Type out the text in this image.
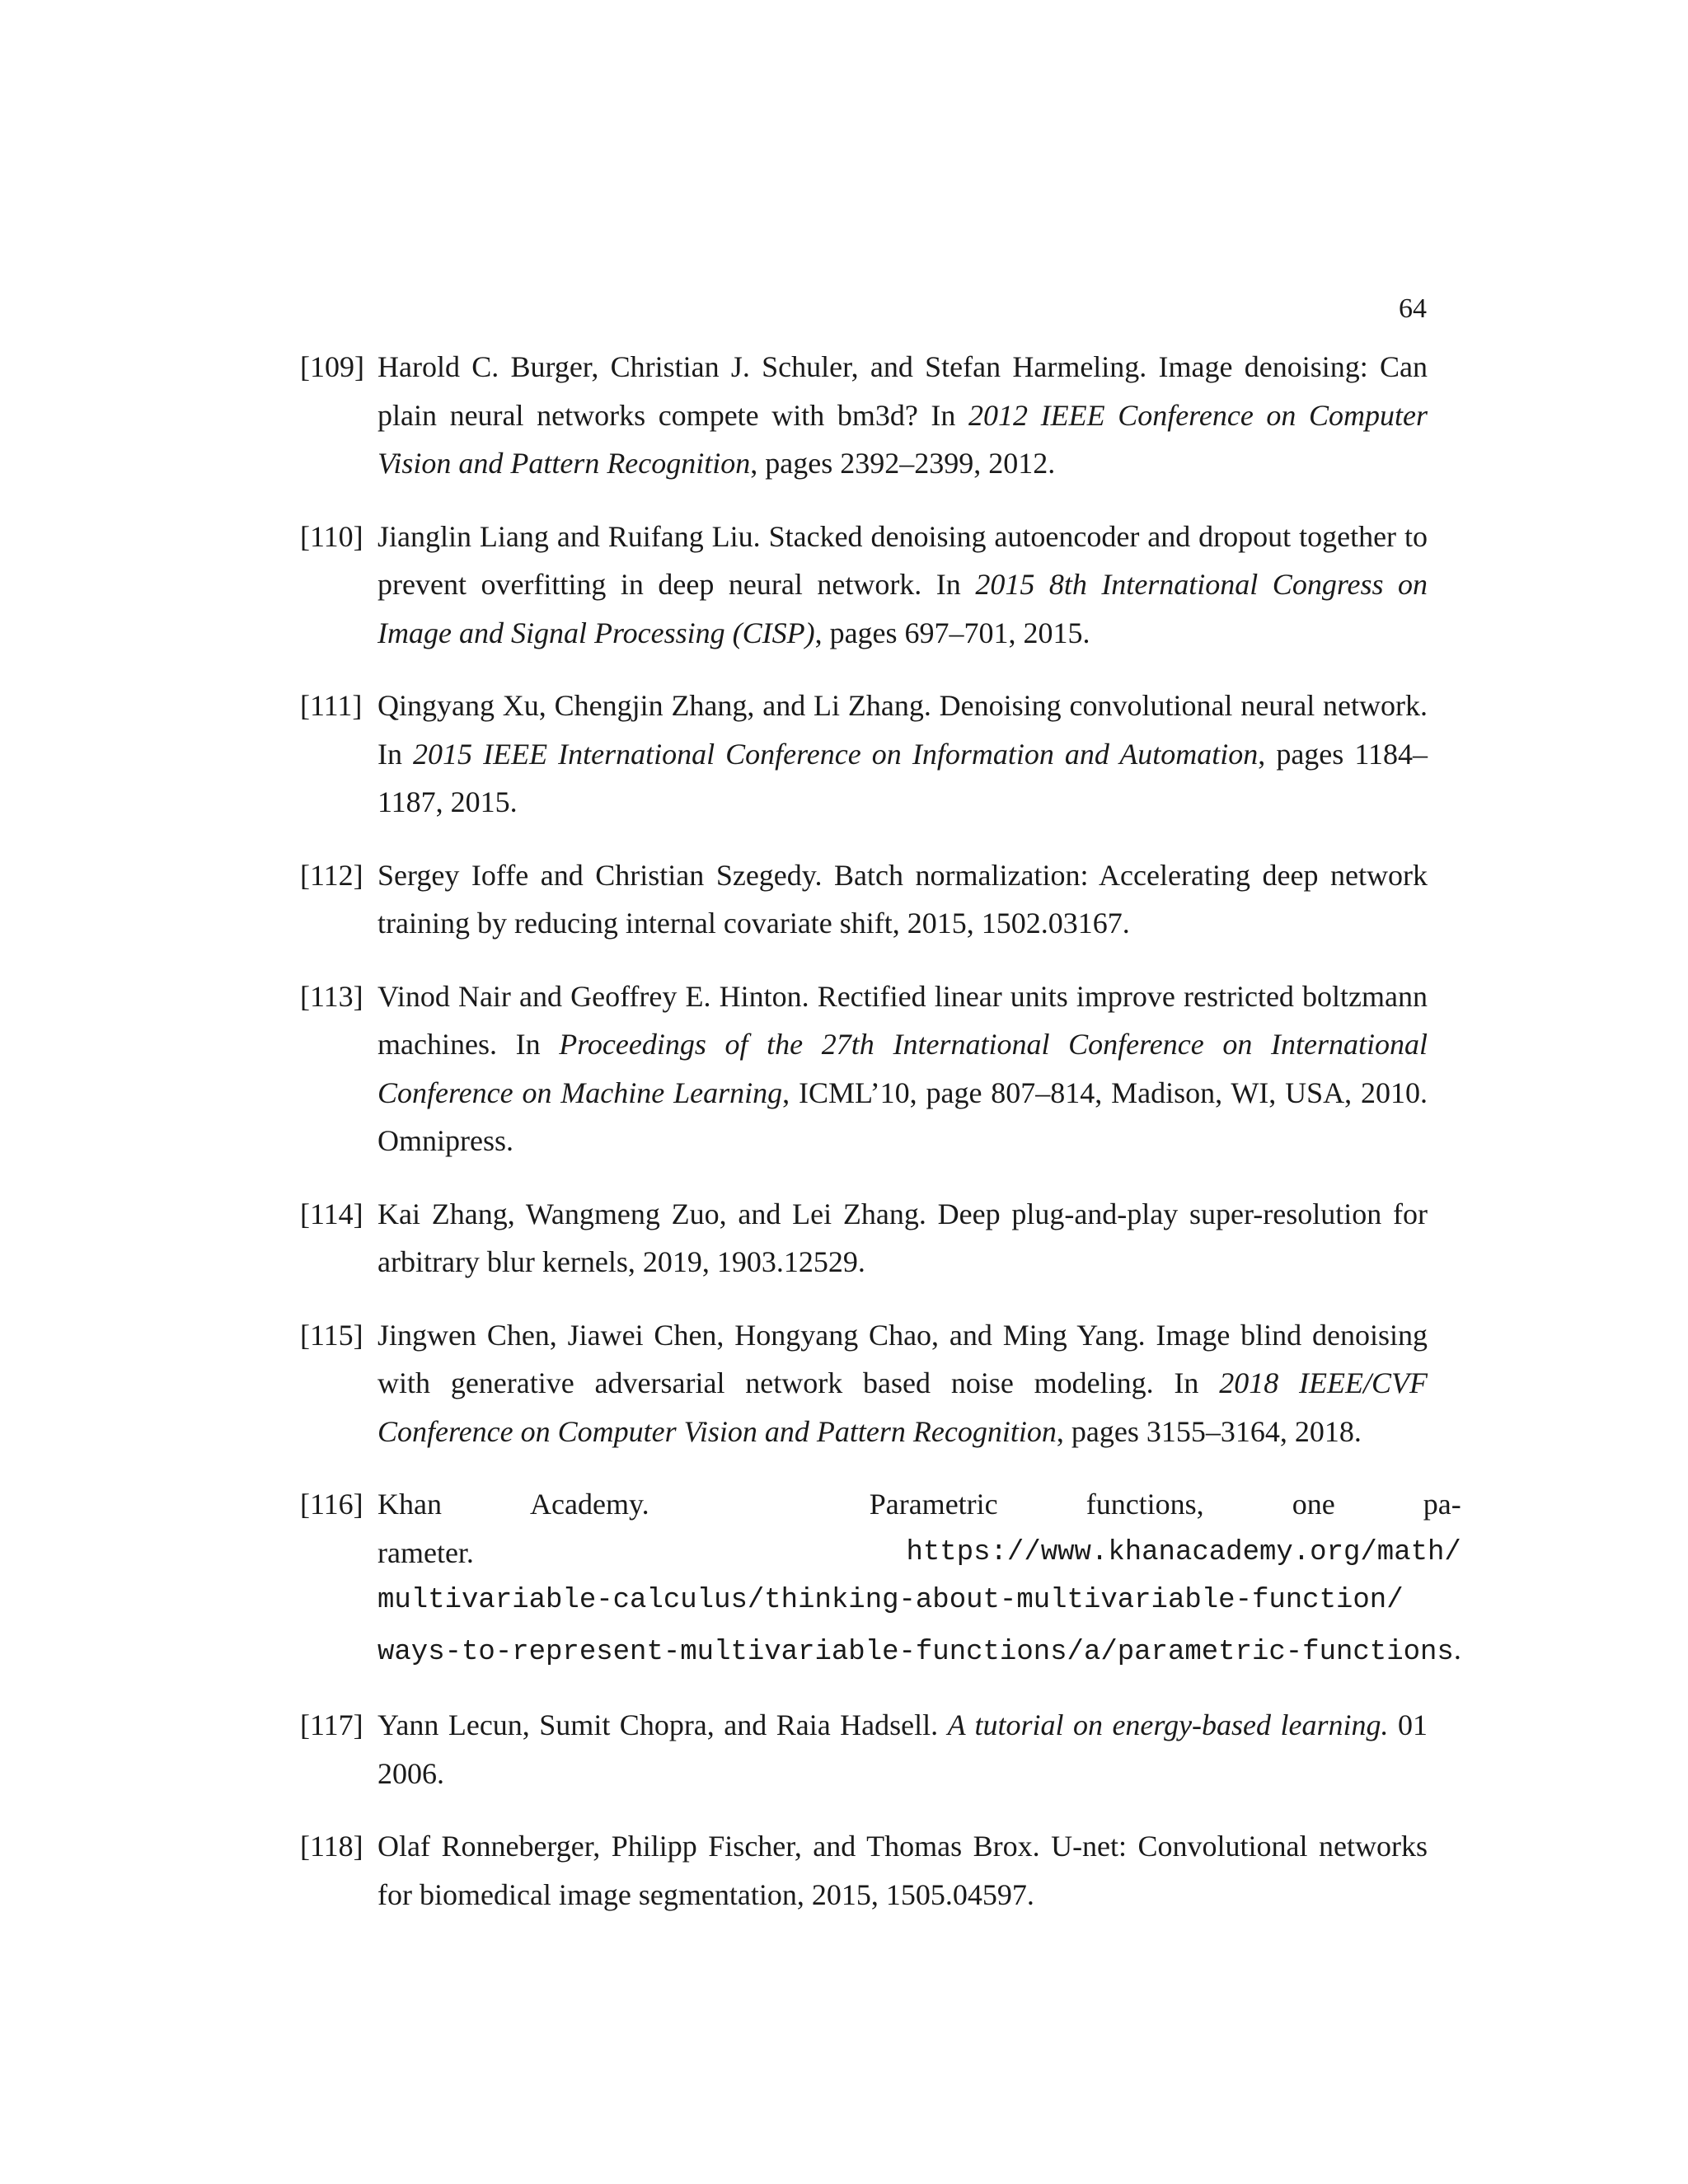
64
[109] Harold C. Burger, Christian J. Schuler, and Stefan Harmeling. Image denoising: Can plain neural networks compete with bm3d? In 2012 IEEE Conference on Computer Vision and Pattern Recognition, pages 2392–2399, 2012.
[110] Jianglin Liang and Ruifang Liu. Stacked denoising autoencoder and dropout together to prevent overfitting in deep neural network. In 2015 8th International Congress on Image and Signal Processing (CISP), pages 697–701, 2015.
[111] Qingyang Xu, Chengjin Zhang, and Li Zhang. Denoising convolutional neural network. In 2015 IEEE International Conference on Information and Automation, pages 1184–1187, 2015.
[112] Sergey Ioffe and Christian Szegedy. Batch normalization: Accelerating deep network training by reducing internal covariate shift, 2015, 1502.03167.
[113] Vinod Nair and Geoffrey E. Hinton. Rectified linear units improve restricted boltzmann machines. In Proceedings of the 27th International Conference on International Conference on Machine Learning, ICML’10, page 807–814, Madison, WI, USA, 2010. Omnipress.
[114] Kai Zhang, Wangmeng Zuo, and Lei Zhang. Deep plug-and-play super-resolution for arbitrary blur kernels, 2019, 1903.12529.
[115] Jingwen Chen, Jiawei Chen, Hongyang Chao, and Ming Yang. Image blind denoising with generative adversarial network based noise modeling. In 2018 IEEE/CVF Conference on Computer Vision and Pattern Recognition, pages 3155–3164, 2018.
[116] Khan	Academy.	Parametric	functions,	one	pa-
rameter.	https://www.khanacademy.org/math/
multivariable-calculus/thinking-about-multivariable-function/
ways-to-represent-multivariable-functions/a/parametric-functions.
[117] Yann Lecun, Sumit Chopra, and Raia Hadsell. A tutorial on energy-based learning. 01 2006.
[118] Olaf Ronneberger, Philipp Fischer, and Thomas Brox. U-net: Convolutional networks for biomedical image segmentation, 2015, 1505.04597.
